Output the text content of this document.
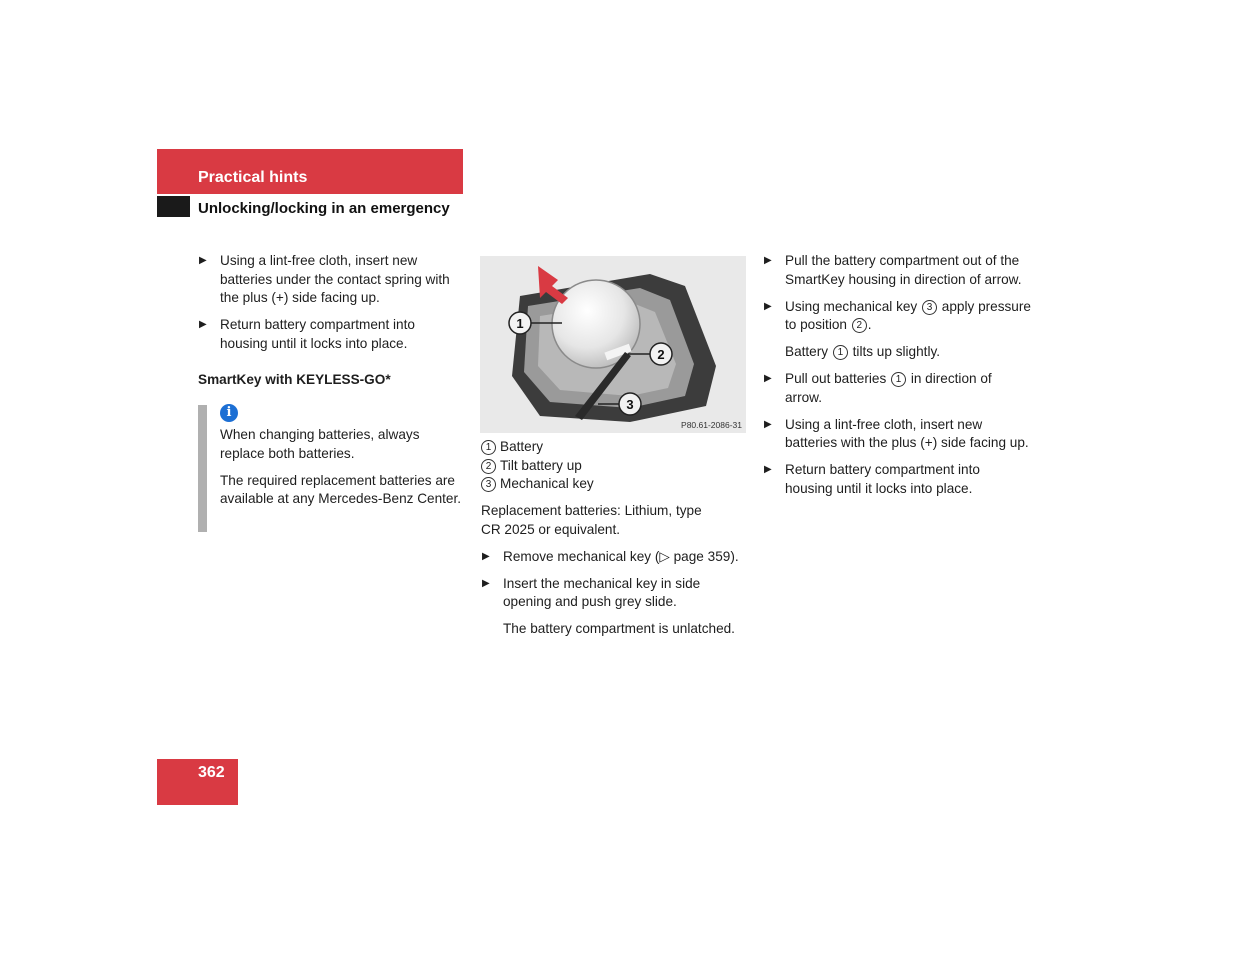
Practical hints
Unlocking/locking in an emergency
▶ Using a lint-free cloth, insert new batteries under the contact spring with the plus (+) side facing up.
▶ Return battery compartment into housing until it locks into place.
SmartKey with KEYLESS-GO*
i
When changing batteries, always replace both batteries.
The required replacement batteries are available at any Mercedes-Benz Center.
1
2
3
P80.61-2086-31
1 Battery
2 Tilt battery up
3 Mechanical key
Replacement batteries: Lithium, type
CR 2025 or equivalent.
▶ Remove mechanical key (▷ page 359).
▶ Insert the mechanical key in side opening and push grey slide.
The battery compartment is unlatched.
▶ Pull the battery compartment out of the SmartKey housing in direction of arrow.
▶ Using mechanical key 3 apply pressure to position 2 .
Battery 1 tilts up slightly.
▶ Pull out batteries 1 in direction of arrow.
▶ Using a lint-free cloth, insert new batteries with the plus (+) side facing up.
▶ Return battery compartment into housing until it locks into place.
362
